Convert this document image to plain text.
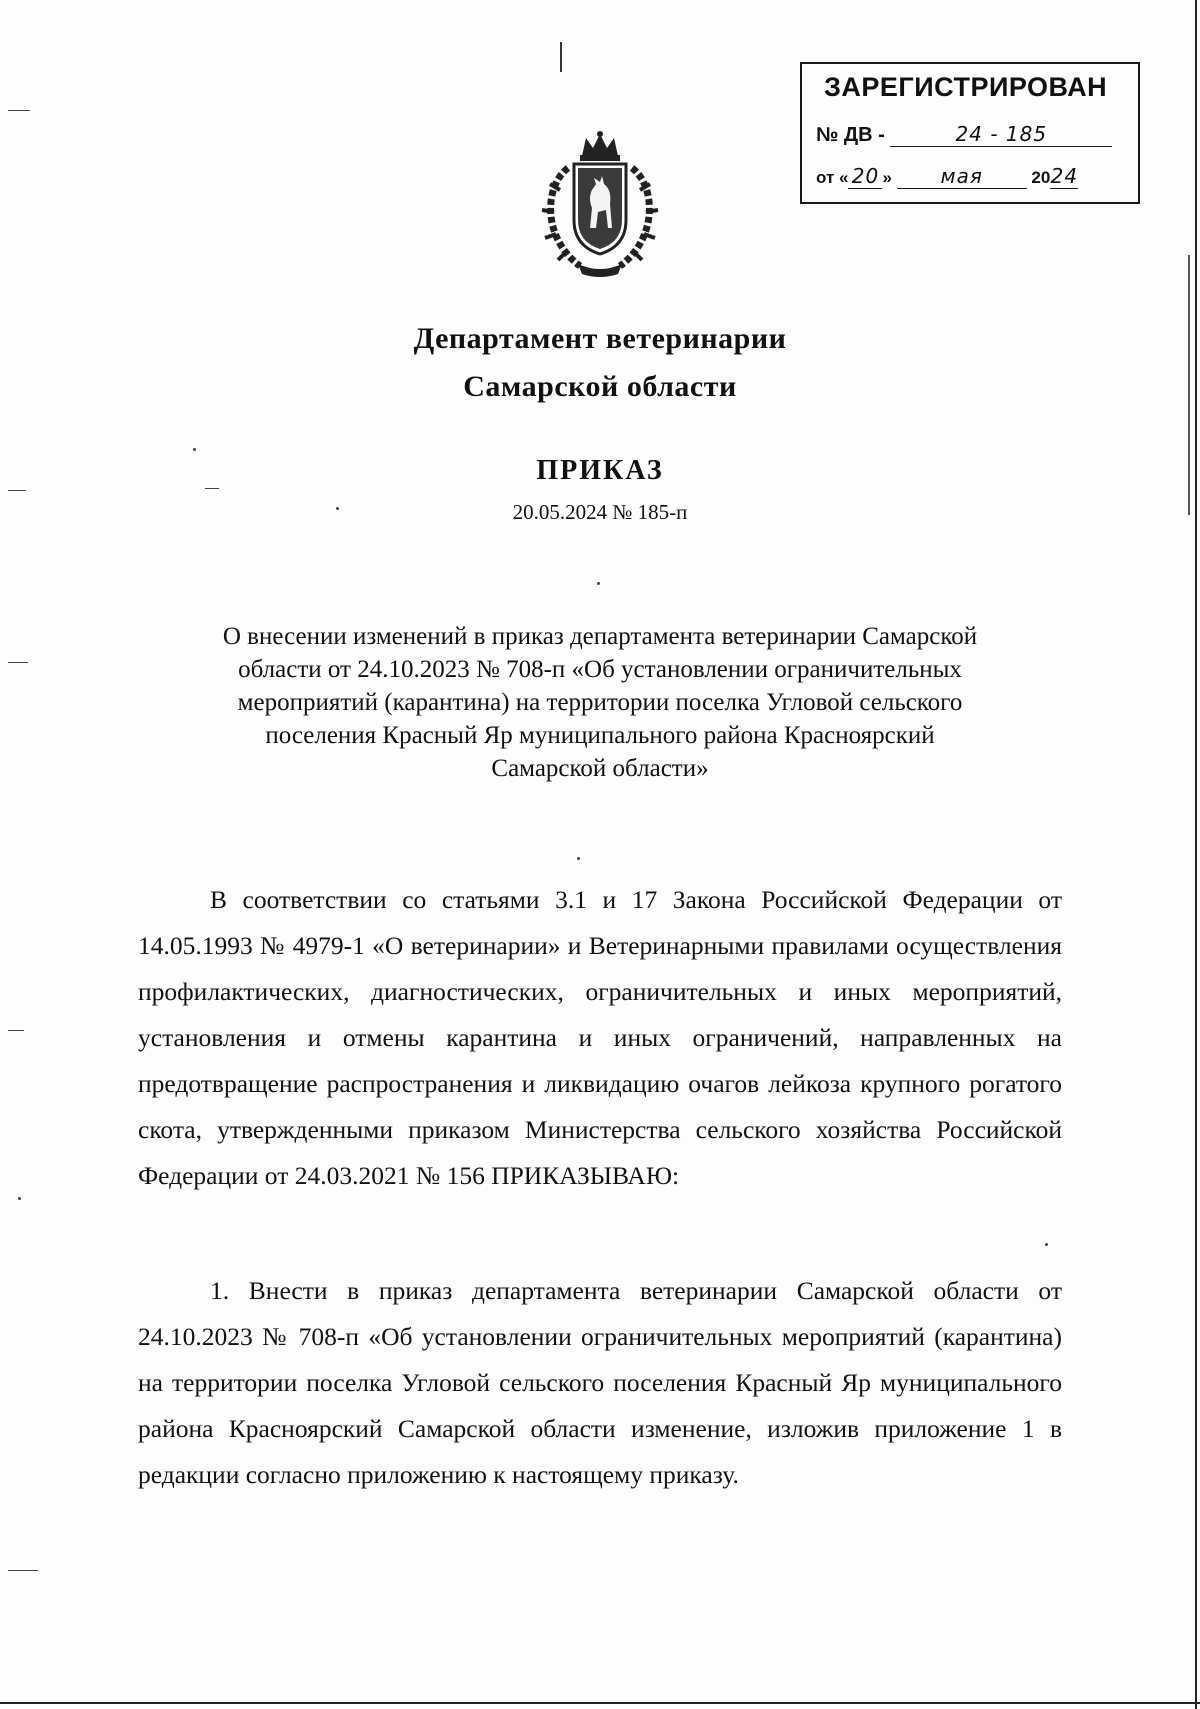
ЗАРЕГИСТРИРОВАН
№ ДВ -	24 - 185
от « 20 » мая	2024
Департамент ветеринарии
Самарской области
ПРИКАЗ
20.05.2024 № 185-п
О внесении изменений в приказ департамента ветеринарии Самарской
области от 24.10.2023 № 708-п «Об установлении ограничительных
мероприятий (карантина) на территории поселка Угловой сельского
поселения Красный Яр муниципального района Красноярский
Самарской области»

В соответствии со статьями 3.1 и 17 Закона Российской Федерации от 14.05.1993 № 4979-1 «О ветеринарии» и Ветеринарными правилами осуществления профилактических, диагностических, ограничительных и иных мероприятий, установления и отмены карантина и иных ограничений, направленных на предотвращение распространения и ликвидацию очагов лейкоза крупного рогатого скота, утвержденными приказом Министерства сельского хозяйства Российской Федерации от 24.03.2021 № 156 ПРИКАЗЫВАЮ:

1. Внести в приказ департамента ветеринарии Самарской области от 24.10.2023 № 708-п «Об установлении ограничительных мероприятий (карантина) на территории поселка Угловой сельского поселения Красный Яр муниципального района Красноярский Самарской области изменение, изложив приложение 1 в редакции согласно приложению к настоящему приказу.
